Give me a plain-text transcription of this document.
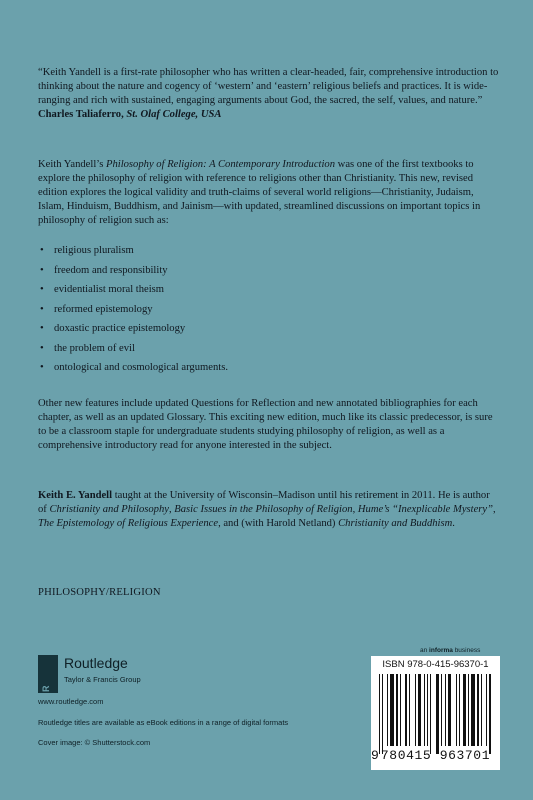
“Keith Yandell is a first-rate philosopher who has written a clear-headed, fair, comprehensive introduction to thinking about the nature and cogency of ‘western’ and ‘eastern’ religious beliefs and practices. It is wide-ranging and rich with sustained, engaging arguments about God, the sacred, the self, values, and nature.”
Charles Taliaferro, St. Olaf College, USA
Keith Yandell’s Philosophy of Religion: A Contemporary Introduction was one of the first textbooks to explore the philosophy of religion with reference to religions other than Christianity. This new, revised edition explores the logical validity and truth-claims of several world religions—Christianity, Judaism, Islam, Hinduism, Buddhism, and Jainism—with updated, streamlined discussions on important topics in philosophy of religion such as:
• religious pluralism
• freedom and responsibility
• evidentialist moral theism
• reformed epistemology
• doxastic practice epistemology
• the problem of evil
• ontological and cosmological arguments.
Other new features include updated Questions for Reflection and new annotated bibliographies for each chapter, as well as an updated Glossary. This exciting new edition, much like its classic predecessor, is sure to be a classroom staple for undergraduate students studying philosophy of religion, as well as a comprehensive introductory read for anyone interested in the subject.
Keith E. Yandell taught at the University of Wisconsin–Madison until his retirement in 2011. He is author of Christianity and Philosophy, Basic Issues in the Philosophy of Religion, Hume’s “Inexplicable Mystery”, The Epistemology of Religious Experience, and (with Harold Netland) Christianity and Buddhism.
PHILOSOPHY/RELIGION
R
Routledge
Taylor & Francis Group
www.routledge.com
Routledge titles are available as eBook editions in a range of digital formats
Cover image: © Shutterstock.com
an informa business
ISBN 978-0-415-96370-1
9 780415 963701
